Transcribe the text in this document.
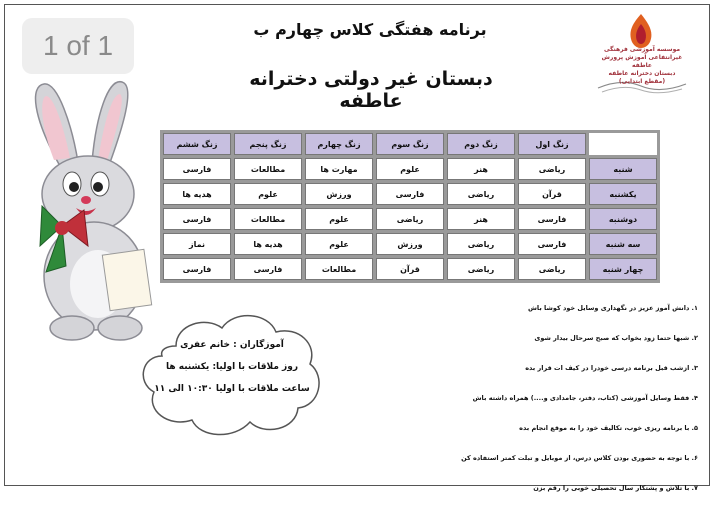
1 of 1
برنامه هفتگی کلاس چهارم ب
دبستان غیر دولتی دخترانه عاطفه
موسسه آموزشی فرهنگی
غیرانتفاعی آموزش پرورش عاطفه
دبستان دخترانه عاطفه
(مقطع ابتدایی)
	زنگ اول	زنگ دوم	زنگ سوم	زنگ چهارم	زنگ پنجم	زنگ ششم
شنبه	ریاضی	هنر	علوم	مهارت ها	مطالعات	فارسی
یکشنبه	قرآن	ریاضی	فارسی	ورزش	علوم	هدیه ها
دوشنبه	فارسی	هنر	ریاضی	علوم	مطالعات	فارسی
سه شنبه	فارسی	ریاضی	ورزش	علوم	هدیه ها	نماز
چهار شنبه	ریاضی	ریاضی	قرآن	مطالعات	فارسی	فارسی
آموزگاران : خانم عفری
روز ملاقات با اولیا: یکشنبه ها
ساعت ملاقات با اولیا ۱۰:۳۰ الی ۱۱
۱. دانش آموز عزیز در نگهداری وسایل خود کوشا باش
۲. شبها حتما زود بخواب که صبح سرحال بیدار شوی
۳. ازشب قبل برنامه درسی خودرا در کیف ات قرار بده
۴. فقط وسایل آموزشی (کتاب، دفتر، جامدادی و....) همراه داشته باش
۵. با برنامه ریزی خوب، تکالیف خود را به موقع انجام بده
۶. با توجه به حضوری بودن کلاس درس، از موبایل و تبلت کمتر استفاده کن
۷. با تلاش و پشتکار سال تحصیلی خوبی را رقم بزن
